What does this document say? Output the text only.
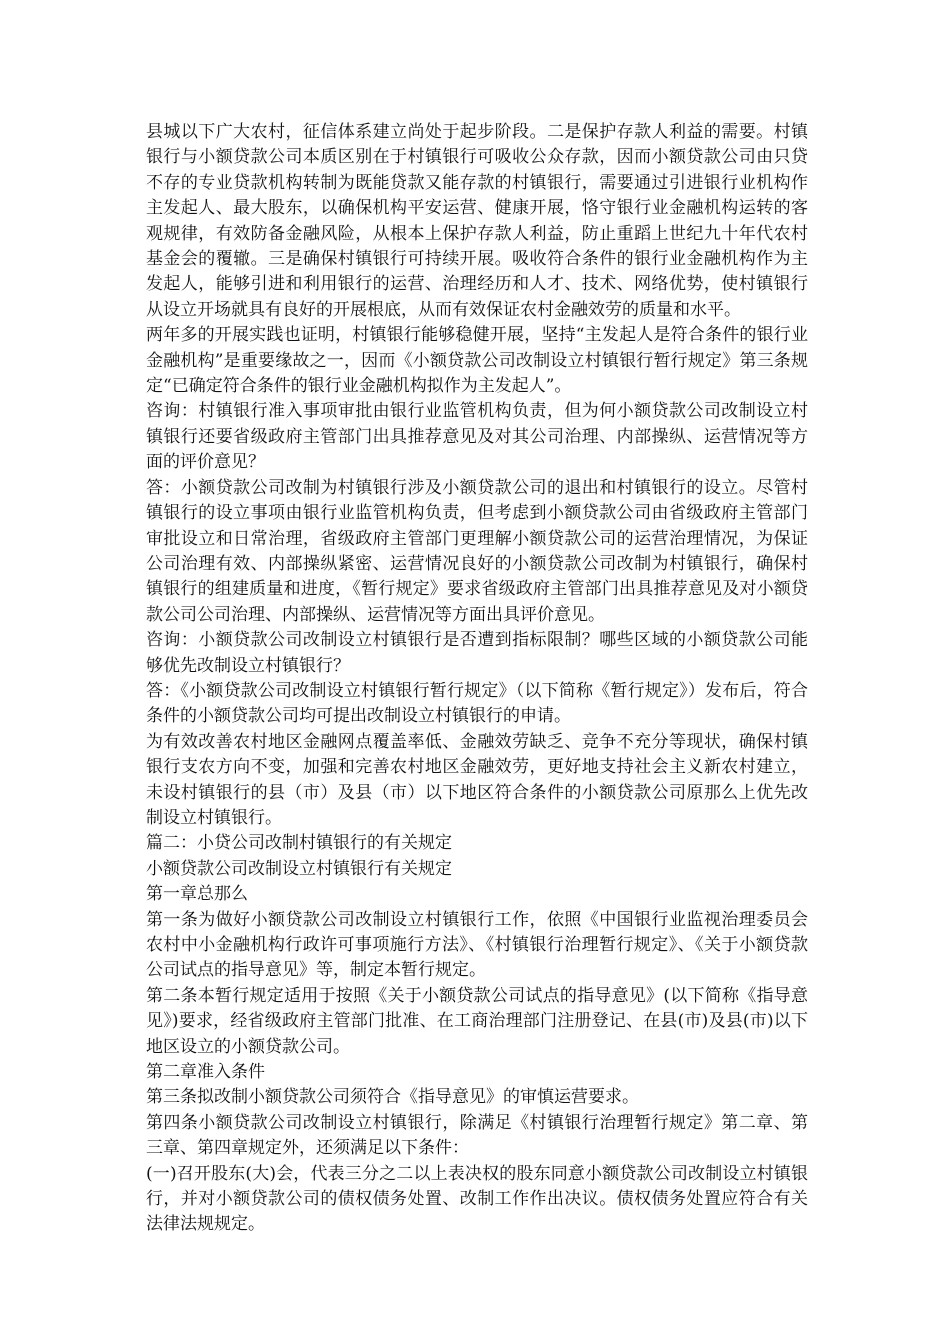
县城以下广大农村，征信体系建立尚处于起步阶段。二是保护存款人利益的需要。村镇银行与小额贷款公司本质区别在于村镇银行可吸收公众存款，因而小额贷款公司由只贷不存的专业贷款机构转制为既能贷款又能存款的村镇银行，需要通过引进银行业机构作主发起人、最大股东，以确保机构平安运营、健康开展，恪守银行业金融机构运转的客观规律，有效防备金融风险，从根本上保护存款人利益，防止重蹈上世纪九十年代农村基金会的覆辙。三是确保村镇银行可持续开展。吸收符合条件的银行业金融机构作为主发起人，能够引进和利用银行的运营、治理经历和人才、技术、网络优势，使村镇银行从设立开场就具有良好的开展根底，从而有效保证农村金融效劳的质量和水平。

两年多的开展实践也证明，村镇银行能够稳健开展，坚持“主发起人是符合条件的银行业金融机构”是重要缘故之一，因而《小额贷款公司改制设立村镇银行暂行规定》第三条规定“已确定符合条件的银行业金融机构拟作为主发起人”。

咨询：村镇银行准入事项审批由银行业监管机构负责，但为何小额贷款公司改制设立村镇银行还要省级政府主管部门出具推荐意见及对其公司治理、内部操纵、运营情况等方面的评价意见？

答：小额贷款公司改制为村镇银行涉及小额贷款公司的退出和村镇银行的设立。尽管村镇银行的设立事项由银行业监管机构负责，但考虑到小额贷款公司由省级政府主管部门审批设立和日常治理，省级政府主管部门更理解小额贷款公司的运营治理情况，为保证公司治理有效、内部操纵紧密、运营情况良好的小额贷款公司改制为村镇银行，确保村镇银行的组建质量和进度，《暂行规定》要求省级政府主管部门出具推荐意见及对小额贷款公司公司治理、内部操纵、运营情况等方面出具评价意见。

咨询：小额贷款公司改制设立村镇银行是否遭到指标限制？哪些区域的小额贷款公司能够优先改制设立村镇银行？

答：《小额贷款公司改制设立村镇银行暂行规定》（以下简称《暂行规定》）发布后，符合条件的小额贷款公司均可提出改制设立村镇银行的申请。

为有效改善农村地区金融网点覆盖率低、金融效劳缺乏、竞争不充分等现状，确保村镇银行支农方向不变，加强和完善农村地区金融效劳，更好地支持社会主义新农村建立，未设村镇银行的县（市）及县（市）以下地区符合条件的小额贷款公司原那么上优先改制设立村镇银行。

篇二：小贷公司改制村镇银行的有关规定

小额贷款公司改制设立村镇银行有关规定

第一章总那么

第一条为做好小额贷款公司改制设立村镇银行工作，依照《中国银行业监视治理委员会农村中小金融机构行政许可事项施行方法》、《村镇银行治理暂行规定》、《关于小额贷款公司试点的指导意见》等，制定本暂行规定。

第二条本暂行规定适用于按照《关于小额贷款公司试点的指导意见》(以下简称《指导意见》)要求，经省级政府主管部门批准、在工商治理部门注册登记、在县(市)及县(市)以下地区设立的小额贷款公司。

第二章准入条件

第三条拟改制小额贷款公司须符合《指导意见》的审慎运营要求。

第四条小额贷款公司改制设立村镇银行，除满足《村镇银行治理暂行规定》第二章、第三章、第四章规定外，还须满足以下条件：

(一)召开股东(大)会，代表三分之二以上表决权的股东同意小额贷款公司改制设立村镇银行，并对小额贷款公司的债权债务处置、改制工作作出决议。债权债务处置应符合有关法律法规规定。
